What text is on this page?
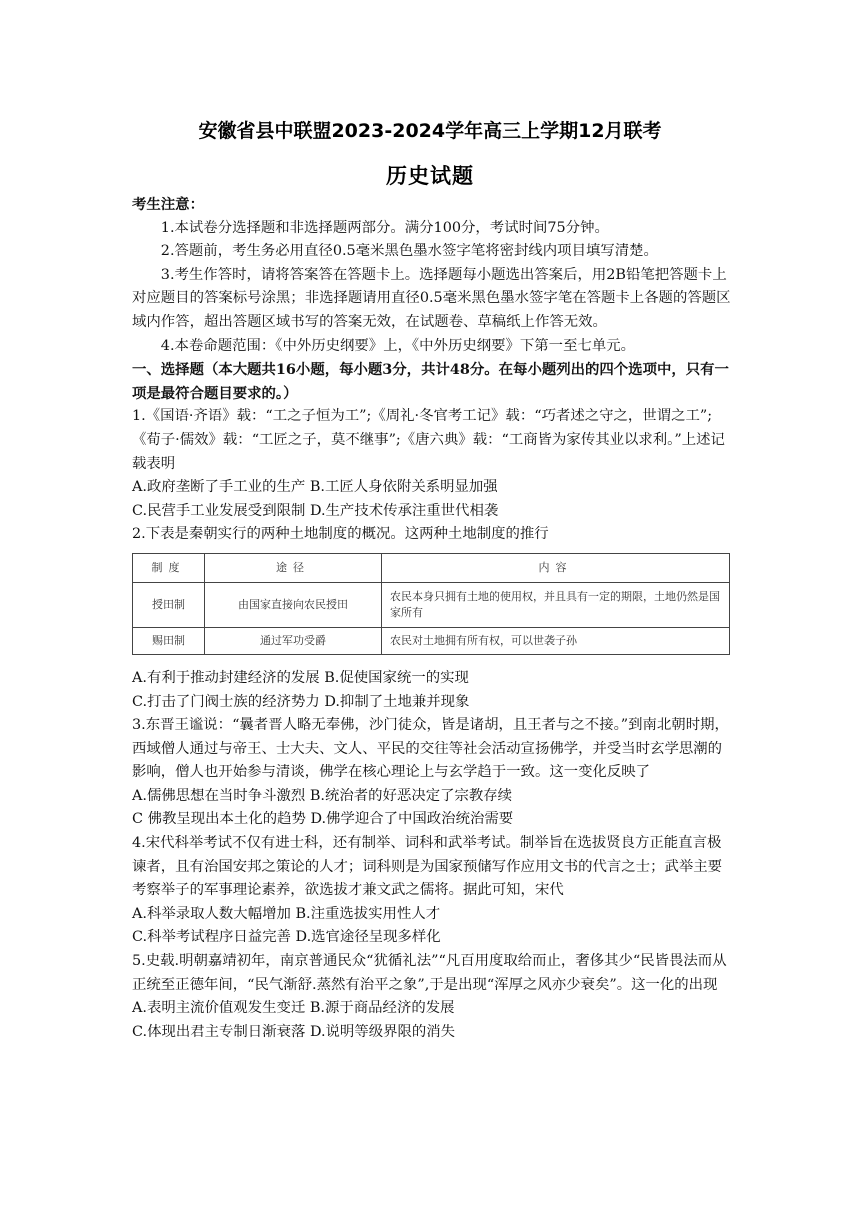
安徽省县中联盟2023-2024学年高三上学期12月联考
历史试题

考生注意：

1.本试卷分选择题和非选择题两部分。满分100分，考试时间75分钟。

2.答题前，考生务必用直径0.5毫米黑色墨水签字笔将密封线内项目填写清楚。

3.考生作答时，请将答案答在答题卡上。选择题每小题选出答案后，用2B铅笔把答题卡上对应题目的答案标号涂黑；非选择题请用直径0.5毫米黑色墨水签字笔在答题卡上各题的答题区域内作答，超出答题区域书写的答案无效，在试题卷、草稿纸上作答无效。

4.本卷命题范围：《中外历史纲要》上，《中外历史纲要》下第一至七单元。

一、选择题（本大题共16小题，每小题3分，共计48分。在每小题列出的四个选项中，只有一项是最符合题目要求的。）

1.《国语·齐语》载：“工之子恒为工”;《周礼·冬官考工记》载：“巧者述之守之，世谓之工”;《荀子·儒效》载：“工匠之子，莫不继事”;《唐六典》载：“工商皆为家传其业以求利。”上述记载表明

A.政府垄断了手工业的生产 B.工匠人身依附关系明显加强

C.民营手工业发展受到限制 D.生产技术传承注重世代相袭

2.下表是秦朝实行的两种土地制度的概况。这两种土地制度的推行

制度	途径	内容
授田制	由国家直接向农民授田	农民本身只拥有土地的使用权，并且具有一定的期限，土地仍然是国家所有
赐田制	通过军功受爵	农民对土地拥有所有权，可以世袭子孙

A.有利于推动封建经济的发展 B.促使国家统一的实现

C.打击了门阀士族的经济势力 D.抑制了土地兼并现象

3.东晋王谧说：“曩者晋人略无奉佛，沙门徒众，皆是诸胡，且王者与之不接。”到南北朝时期，西域僧人通过与帝王、士大夫、文人、平民的交往等社会活动宣扬佛学，并受当时玄学思潮的影响，僧人也开始参与清谈，佛学在核心理论上与玄学趋于一致。这一变化反映了

A.儒佛思想在当时争斗激烈 B.统治者的好恶决定了宗教存续

C 佛教呈现出本土化的趋势 D.佛学迎合了中国政治统治需要

4.宋代科举考试不仅有进士科，还有制举、词科和武举考试。制举旨在选拔贤良方正能直言极谏者，且有治国安邦之策论的人才；词科则是为国家预储写作应用文书的代言之士；武举主要考察举子的军事理论素养，欲选拔才兼文武之儒将。据此可知，宋代

A.科举录取人数大幅增加 B.注重选拔实用性人才

C.科举考试程序日益完善 D.选官途径呈现多样化

5.史载.明朝嘉靖初年，南京普通民众“犹循礼法”“凡百用度取给而止，奢侈其少“民皆畏法而从正统至正德年间，“民气渐舒.蒸然有治平之象”,于是出现“浑厚之风亦少衰矣”。这一化的出现

A.表明主流价值观发生变迁 B.源于商品经济的发展

C.体现出君主专制日渐衰落 D.说明等级界限的消失
